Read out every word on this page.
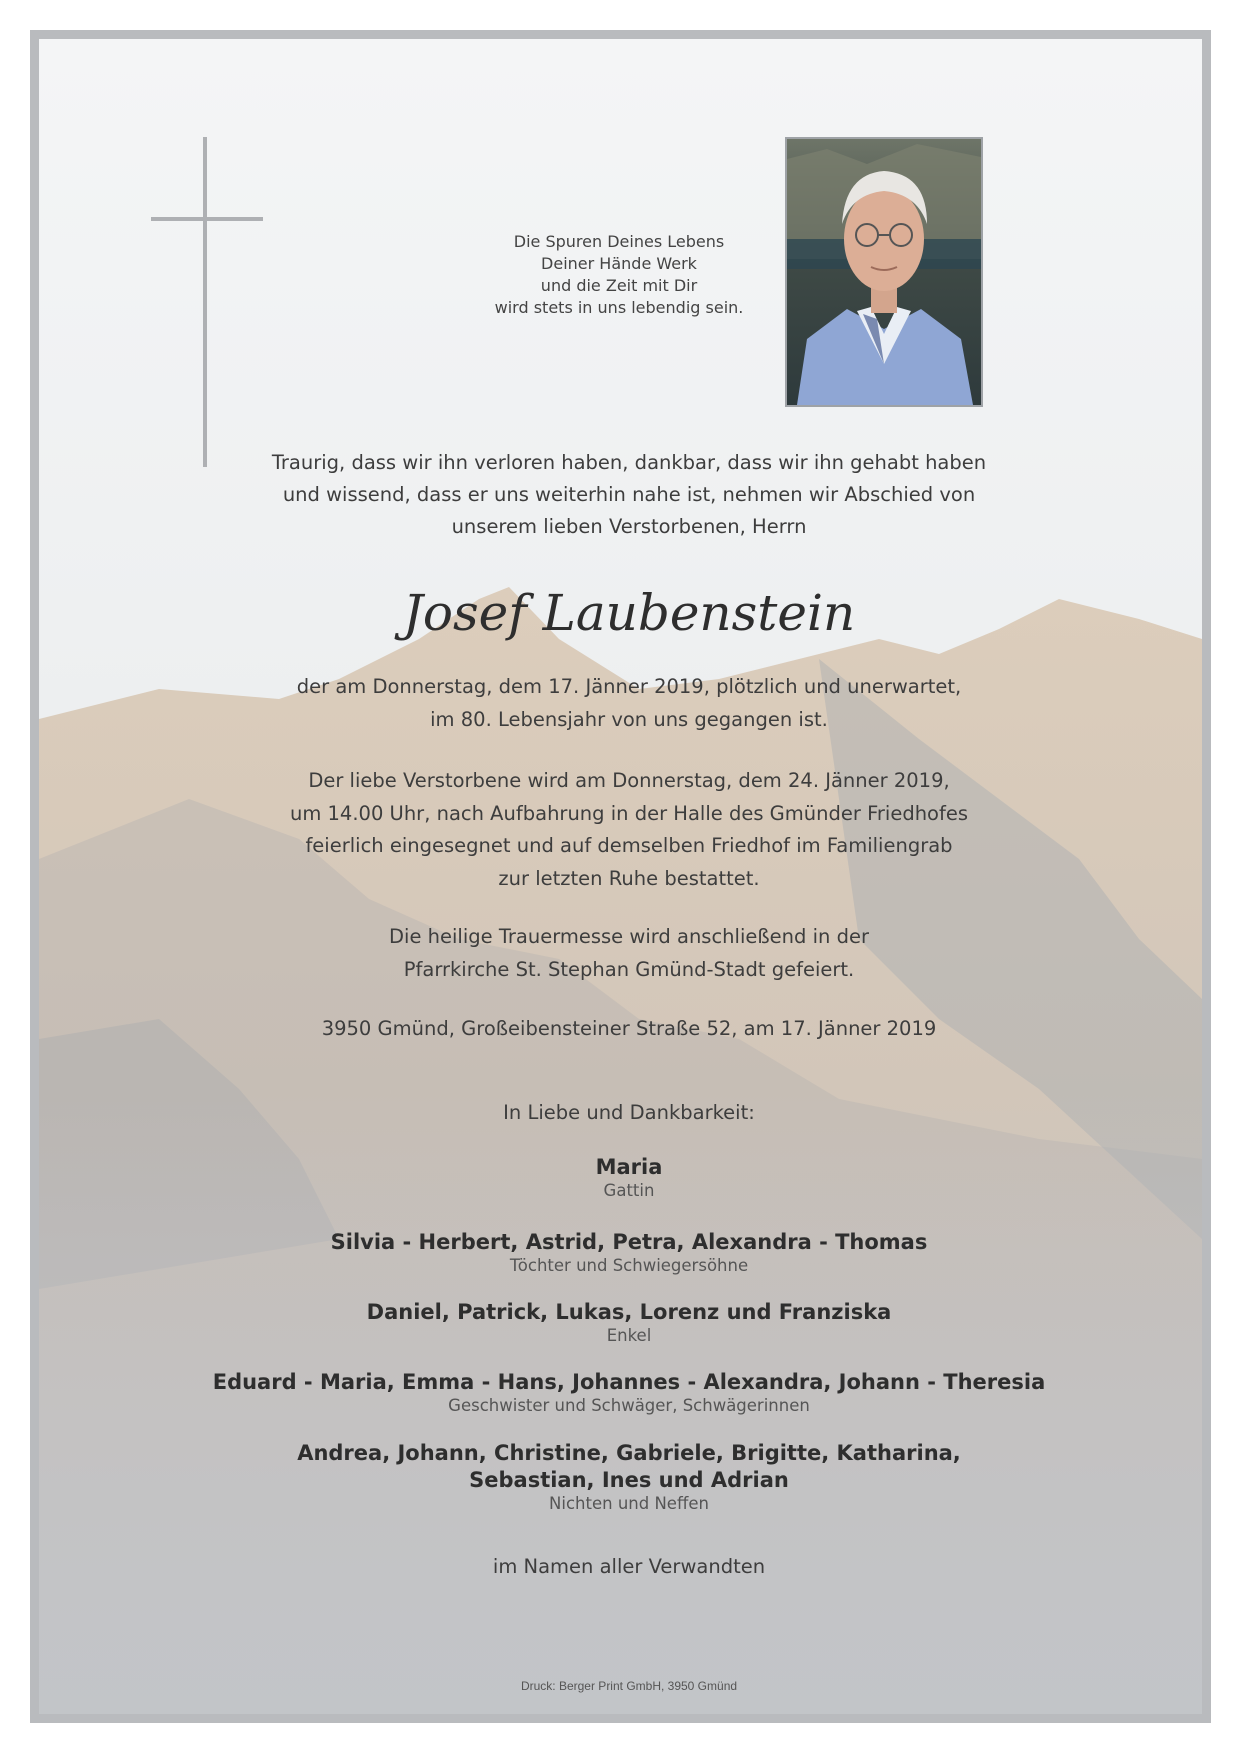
Die Spuren Deines Lebens
Deiner Hände Werk
und die Zeit mit Dir
wird stets in uns lebendig sein.
Traurig, dass wir ihn verloren haben, dankbar, dass wir ihn gehabt haben
und wissend, dass er uns weiterhin nahe ist, nehmen wir Abschied von
unserem lieben Verstorbenen, Herrn
Josef Laubenstein
der am Donnerstag, dem 17. Jänner 2019, plötzlich und unerwartet,
im 80. Lebensjahr von uns gegangen ist.
Der liebe Verstorbene wird am Donnerstag, dem 24. Jänner 2019,
um 14.00 Uhr, nach Aufbahrung in der Halle des Gmünder Friedhofes
feierlich eingesegnet und auf demselben Friedhof im Familiengrab
zur letzten Ruhe bestattet.
Die heilige Trauermesse wird anschließend in der
Pfarrkirche St. Stephan Gmünd-Stadt gefeiert.
3950 Gmünd, Großeibensteiner Straße 52, am 17. Jänner 2019
In Liebe und Dankbarkeit:
Maria
Gattin
Silvia - Herbert, Astrid, Petra, Alexandra - Thomas
Töchter und Schwiegersöhne
Daniel, Patrick, Lukas, Lorenz und Franziska
Enkel
Eduard - Maria, Emma - Hans, Johannes - Alexandra, Johann - Theresia
Geschwister und Schwäger, Schwägerinnen
Andrea, Johann, Christine, Gabriele, Brigitte, Katharina,
Sebastian, Ines und Adrian
Nichten und Neffen
im Namen aller Verwandten
Druck: Berger Print GmbH, 3950 Gmünd
